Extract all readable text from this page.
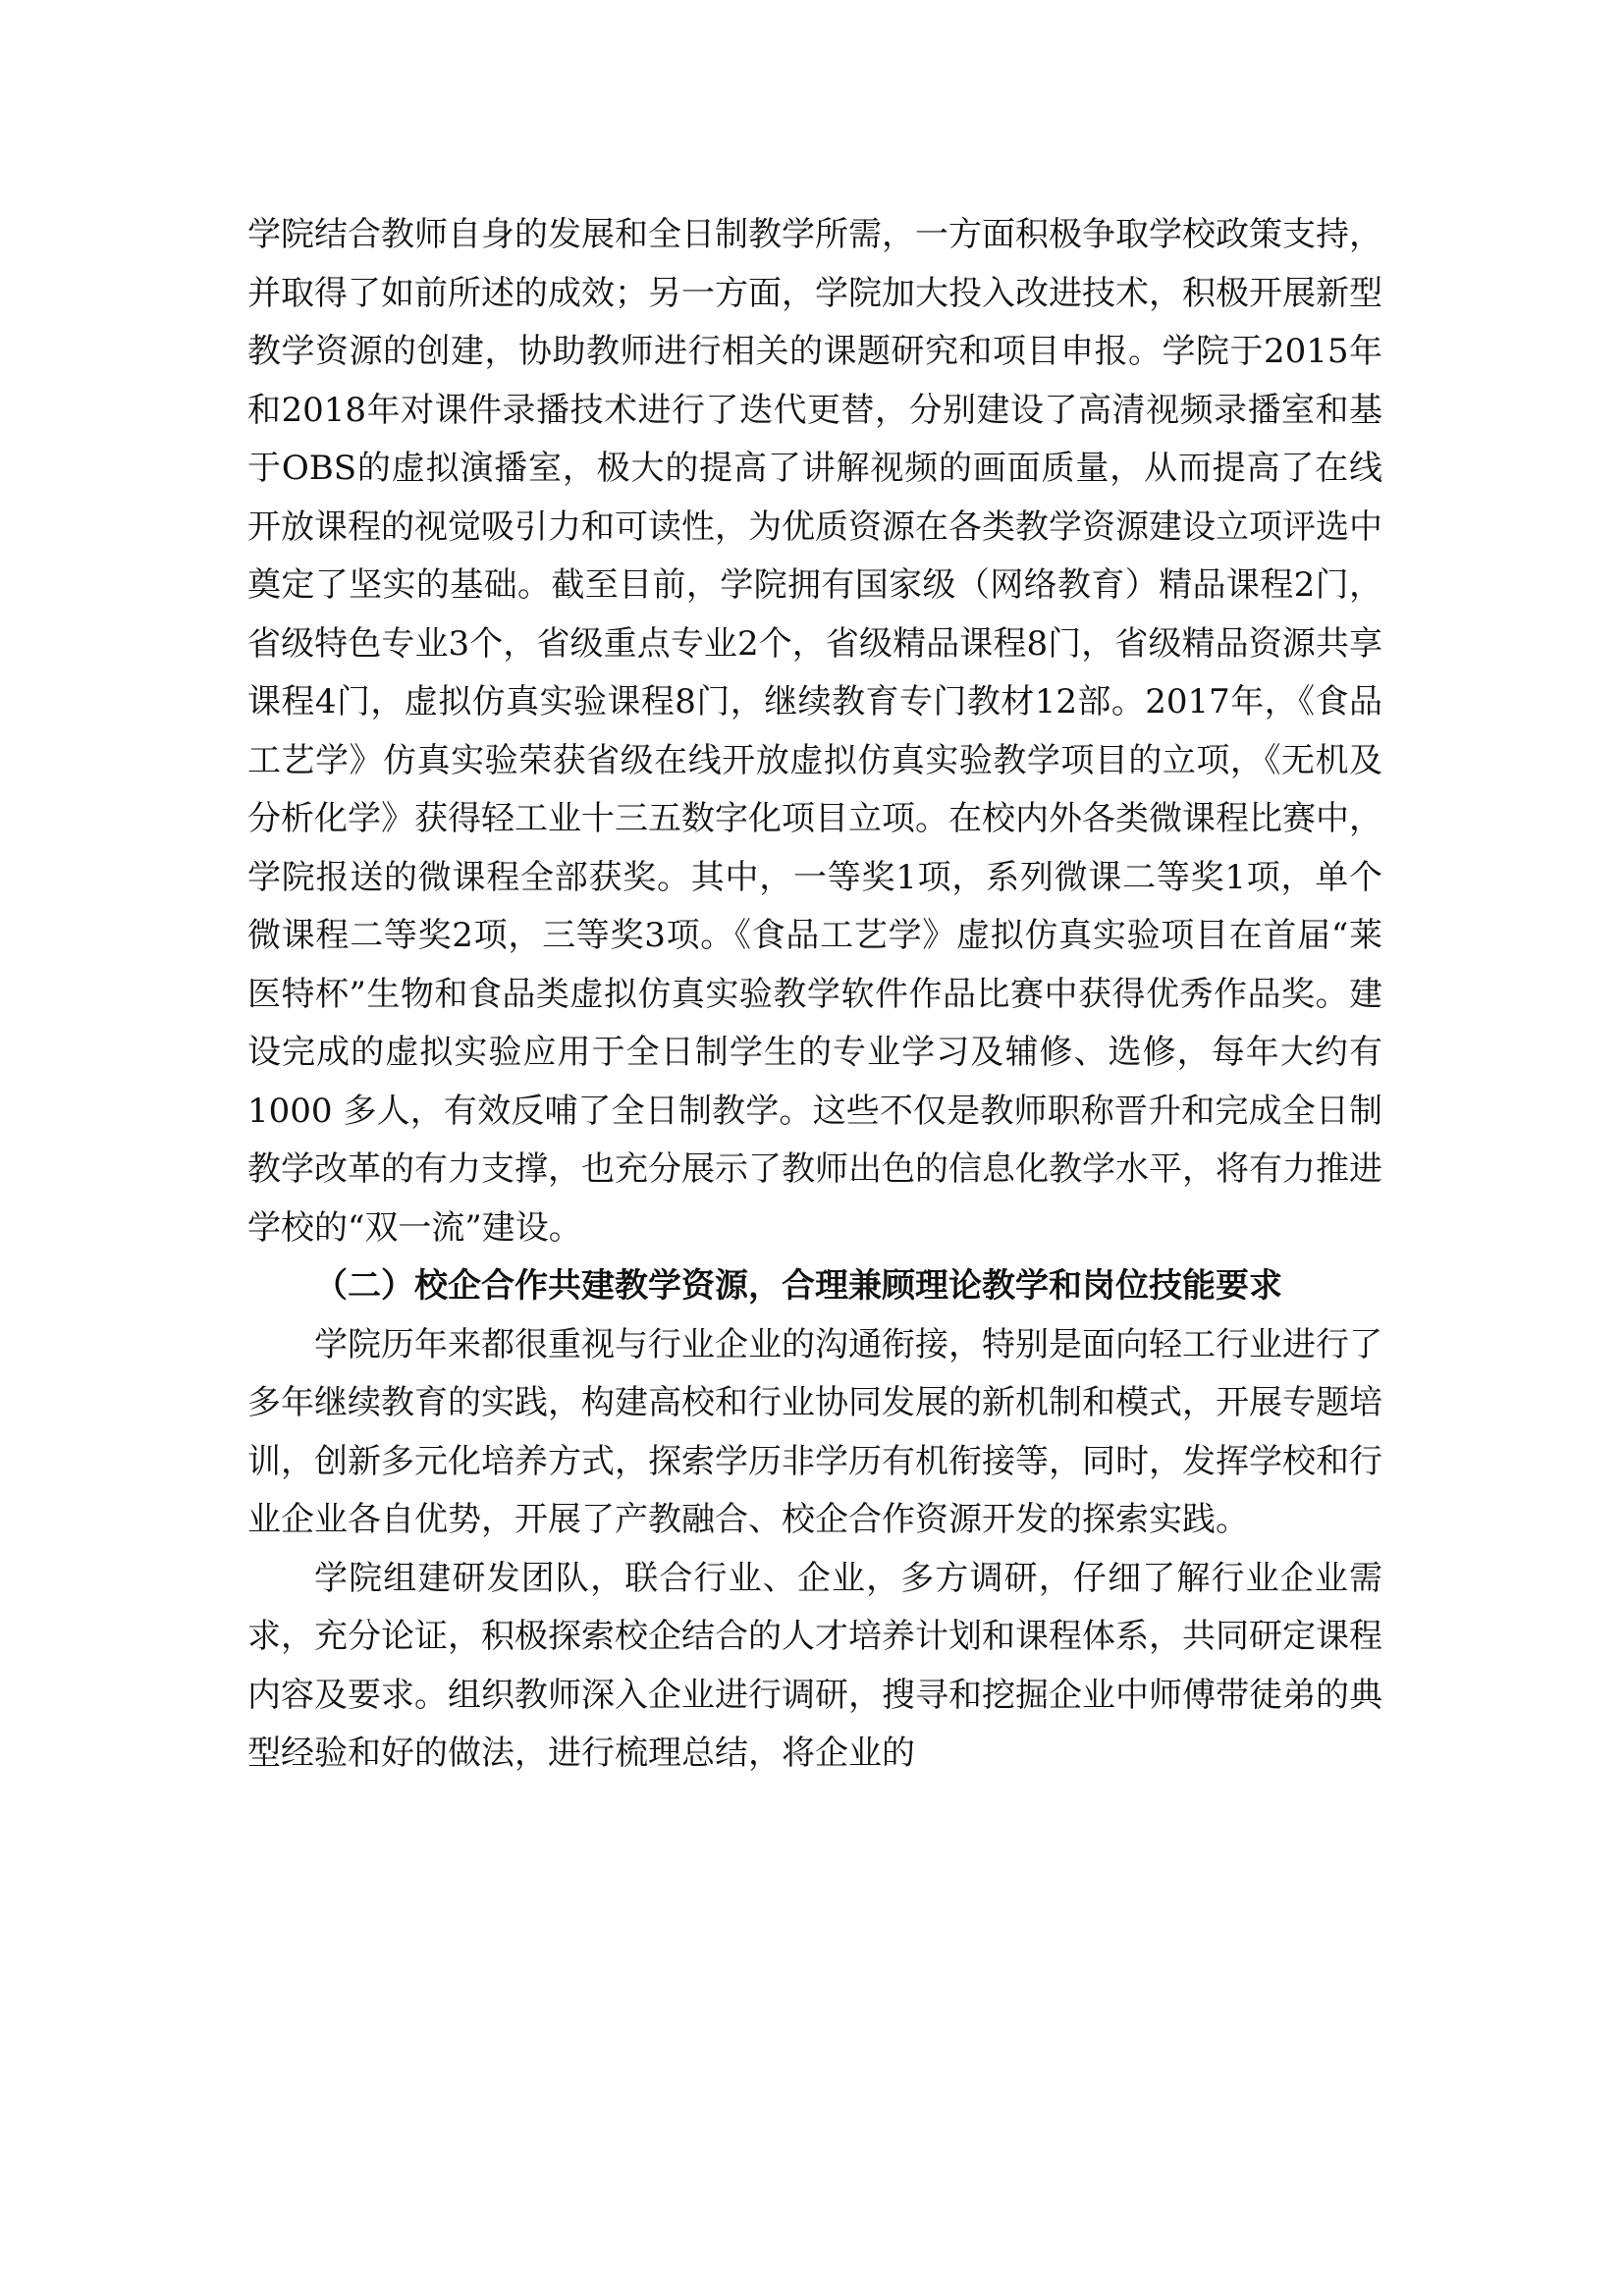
学院结合教师自身的发展和全日制教学所需，一方面积极争取学校政策支持，并取得了如前所述的成效；另一方面，学院加大投入改进技术，积极开展新型教学资源的创建，协助教师进行相关的课题研究和项目申报。学院于2015年和2018年对课件录播技术进行了迭代更替，分别建设了高清视频录播室和基于OBS的虚拟演播室，极大的提高了讲解视频的画面质量，从而提高了在线开放课程的视觉吸引力和可读性，为优质资源在各类教学资源建设立项评选中奠定了坚实的基础。截至目前，学院拥有国家级（网络教育）精品课程2门，省级特色专业3个，省级重点专业2个，省级精品课程8门，省级精品资源共享课程4门，虚拟仿真实验课程8门，继续教育专门教材12部。2017年，《食品工艺学》仿真实验荣获省级在线开放虚拟仿真实验教学项目的立项，《无机及分析化学》获得轻工业十三五数字化项目立项。在校内外各类微课程比赛中，学院报送的微课程全部获奖。其中，一等奖1项，系列微课二等奖1项，单个微课程二等奖2项，三等奖3项。《食品工艺学》虚拟仿真实验项目在首届“莱医特杯”生物和食品类虚拟仿真实验教学软件作品比赛中获得优秀作品奖。建设完成的虚拟实验应用于全日制学生的专业学习及辅修、选修，每年大约有1000 多人，有效反哺了全日制教学。这些不仅是教师职称晋升和完成全日制教学改革的有力支撑，也充分展示了教师出色的信息化教学水平，将有力推进学校的“双一流”建设。

（二）校企合作共建教学资源，合理兼顾理论教学和岗位技能要求

学院历年来都很重视与行业企业的沟通衔接，特别是面向轻工行业进行了多年继续教育的实践，构建高校和行业协同发展的新机制和模式，开展专题培训，创新多元化培养方式，探索学历非学历有机衔接等，同时，发挥学校和行业企业各自优势，开展了产教融合、校企合作资源开发的探索实践。

学院组建研发团队，联合行业、企业，多方调研，仔细了解行业企业需求，充分论证，积极探索校企结合的人才培养计划和课程体系，共同研定课程内容及要求。组织教师深入企业进行调研，搜寻和挖掘企业中师傅带徒弟的典型经验和好的做法，进行梳理总结，将企业的
